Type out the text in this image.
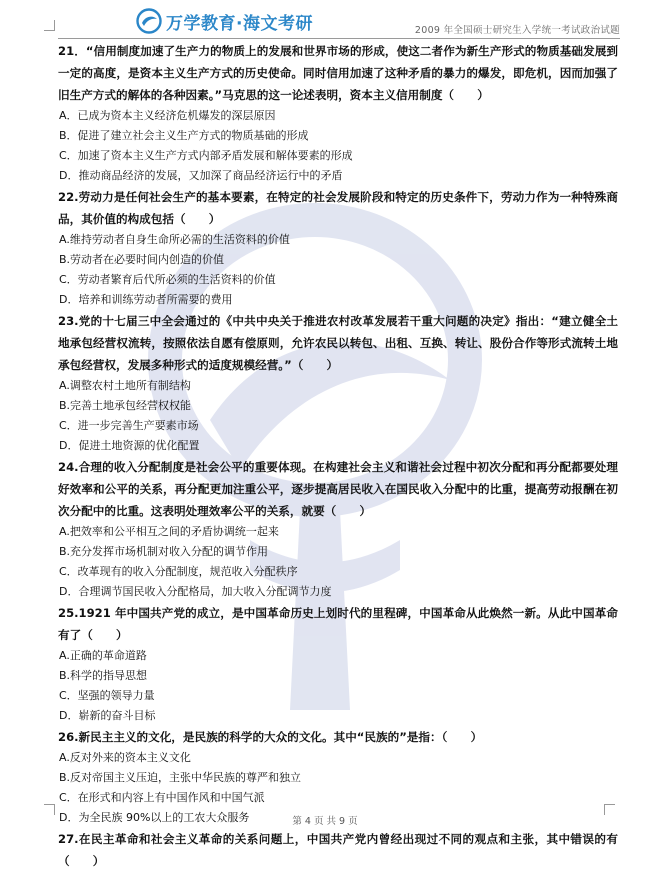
万学教育·海文考研	2009 年全国硕士研究生入学统一考试政治试题

21．“信用制度加速了生产力的物质上的发展和世界市场的形成，使这二者作为新生产形式的物质基础发展到一定的高度，是资本主义生产方式的历史使命。同时信用加速了这种矛盾的暴力的爆发，即危机，因而加强了旧生产方式的解体的各种因素。”马克思的这一论述表明，资本主义信用制度（　　）

A．已成为资本主义经济危机爆发的深层原因

B．促进了建立社会主义生产方式的物质基础的形成

C．加速了资本主义生产方式内部矛盾发展和解体要素的形成

D．推动商品经济的发展，又加深了商品经济运行中的矛盾

22.劳动力是任何社会生产的基本要素，在特定的社会发展阶段和特定的历史条件下，劳动力作为一种特殊商品，其价值的构成包括（　　）

A.维持劳动者自身生命所必需的生活资料的价值

B.劳动者在必要时间内创造的价值

C．劳动者繁育后代所必须的生活资料的价值

D．培养和训练劳动者所需要的费用

23.党的十七届三中全会通过的《中共中央关于推进农村改革发展若干重大问题的决定》指出：“建立健全土地承包经营权流转，按照依法自愿有偿原则，允许农民以转包、出租、互换、转让、股份合作等形式流转土地承包经营权，发展多种形式的适度规模经营。”（　　）

A.调整农村土地所有制结构

B.完善土地承包经营权权能

C．进一步完善生产要素市场

D．促进土地资源的优化配置

24.合理的收入分配制度是社会公平的重要体现。在构建社会主义和谐社会过程中初次分配和再分配都要处理好效率和公平的关系，再分配更加注重公平，逐步提高居民收入在国民收入分配中的比重，提高劳动报酬在初次分配中的比重。这表明处理效率公平的关系，就要（　　）

A.把效率和公平相互之间的矛盾协调统一起来

B.充分发挥市场机制对收入分配的调节作用

C．改革现有的收入分配制度，规范收入分配秩序

D．合理调节国民收入分配格局，加大收入分配调节力度

25.1921 年中国共产党的成立，是中国革命历史上划时代的里程碑，中国革命从此焕然一新。从此中国革命有了（　　）

A.正确的革命道路

B.科学的指导思想

C．坚强的领导力量

D．崭新的奋斗目标

26.新民主主义的文化，是民族的科学的大众的文化。其中“民族的”是指：（　　）

A.反对外来的资本主义文化

B.反对帝国主义压迫，主张中华民族的尊严和独立

C．在形式和内容上有中国作风和中国气派

D．为全民族 90%以上的工农大众服务

27.在民主革命和社会主义革命的关系问题上，中国共产党内曾经出现过不同的观点和主张，其中错误的有（　　）

第 4 页 共 9 页
